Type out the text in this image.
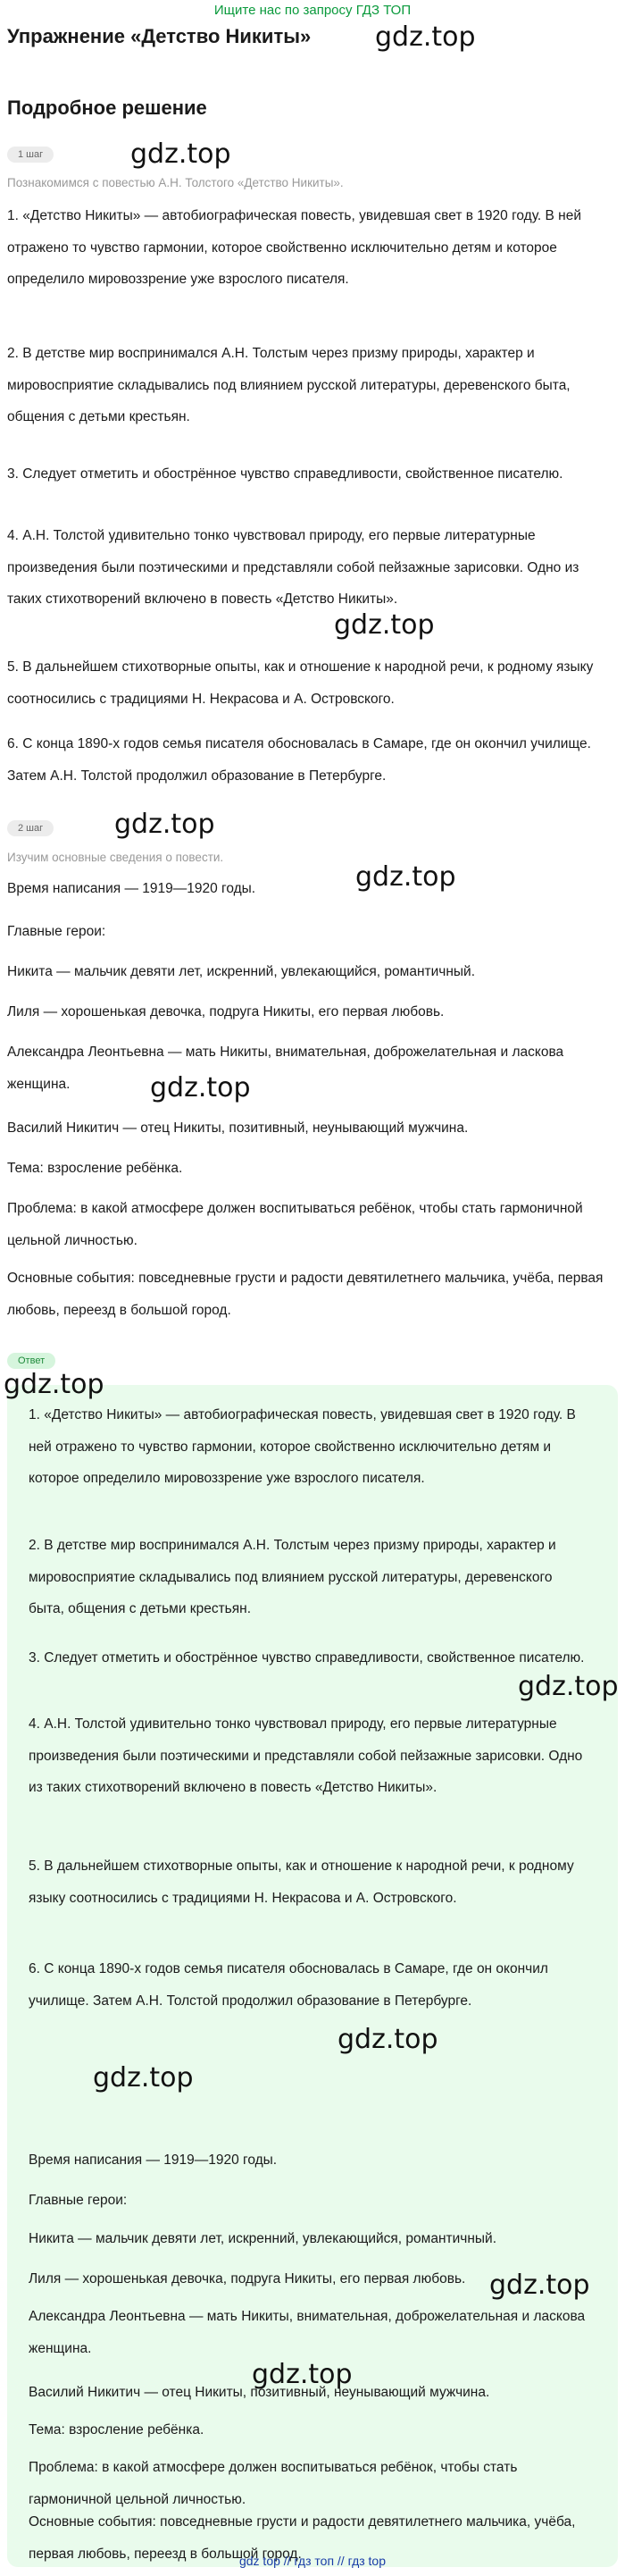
Ищите нас по запросу ГДЗ ТОП
Упражнение «Детство Никиты»
Подробное решение
1 шаг
Познакомимся с повестью А.Н. Толстого «Детство Никиты».

1. «Детство Никиты» — автобиографическая повесть, увидевшая свет в 1920 году. В ней отражено то чувство гармонии, которое свойственно исключительно детям и которое определило мировоззрение уже взрослого писателя.

2. В детстве мир воспринимался А.Н. Толстым через призму природы, характер и мировосприятие складывались под влиянием русской литературы, деревенского быта, общения с детьми крестьян.

3. Следует отметить и обострённое чувство справедливости, свойственное писателю.

4. А.Н. Толстой удивительно тонко чувствовал природу, его первые литературные произведения были поэтическими и представляли собой пейзажные зарисовки. Одно из таких стихотворений включено в повесть «Детство Никиты».

5. В дальнейшем стихотворные опыты, как и отношение к народной речи, к родному языку соотносились с традициями Н. Некрасова и А. Островского.

6. С конца 1890-х годов семья писателя обосновалась в Самаре, где он окончил училище. Затем А.Н. Толстой продолжил образование в Петербурге.

2 шаг
Изучим основные сведения о повести.

Время написания — 1919—1920 годы.

Главные герои:

Никита — мальчик девяти лет, искренний, увлекающийся, романтичный.

Лиля — хорошенькая девочка, подруга Никиты, его первая любовь.

Александра Леонтьевна — мать Никиты, внимательная, доброжелательная и ласкова женщина.

Василий Никитич — отец Никиты, позитивный, неунывающий мужчина.

Тема: взросление ребёнка.

Проблема: в какой атмосфере должен воспитываться ребёнок, чтобы стать гармоничной цельной личностью.

Основные события: повседневные грусти и радости девятилетнего мальчика, учёба, первая любовь, переезд в большой город.

Ответ

1. «Детство Никиты» — автобиографическая повесть, увидевшая свет в 1920 году. В ней отражено то чувство гармонии, которое свойственно исключительно детям и которое определило мировоззрение уже взрослого писателя.

2. В детстве мир воспринимался А.Н. Толстым через призму природы, характер и мировосприятие складывались под влиянием русской литературы, деревенского быта, общения с детьми крестьян.

3. Следует отметить и обострённое чувство справедливости, свойственное писателю.

4. А.Н. Толстой удивительно тонко чувствовал природу, его первые литературные произведения были поэтическими и представляли собой пейзажные зарисовки. Одно из таких стихотворений включено в повесть «Детство Никиты».

5. В дальнейшем стихотворные опыты, как и отношение к народной речи, к родному языку соотносились с традициями Н. Некрасова и А. Островского.

6. С конца 1890-х годов семья писателя обосновалась в Самаре, где он окончил училище. Затем А.Н. Толстой продолжил образование в Петербурге.

Время написания — 1919—1920 годы.

Главные герои:

Никита — мальчик девяти лет, искренний, увлекающийся, романтичный.

Лиля — хорошенькая девочка, подруга Никиты, его первая любовь.

Александра Леонтьевна — мать Никиты, внимательная, доброжелательная и ласкова женщина.

Василий Никитич — отец Никиты, позитивный, неунывающий мужчина.

Тема: взросление ребёнка.

Проблема: в какой атмосфере должен воспитываться ребёнок, чтобы стать гармоничной цельной личностью.

Основные события: повседневные грусти и радости девятилетнего мальчика, учёба, первая любовь, переезд в большой город.

gdz.top
gdz.top
gdz.top
gdz.top
gdz.top
gdz.top
gdz.top
gdz.top
gdz.top
gdz.top
gdz.top
gdz.top
gdz top // гдз топ // гдз top
